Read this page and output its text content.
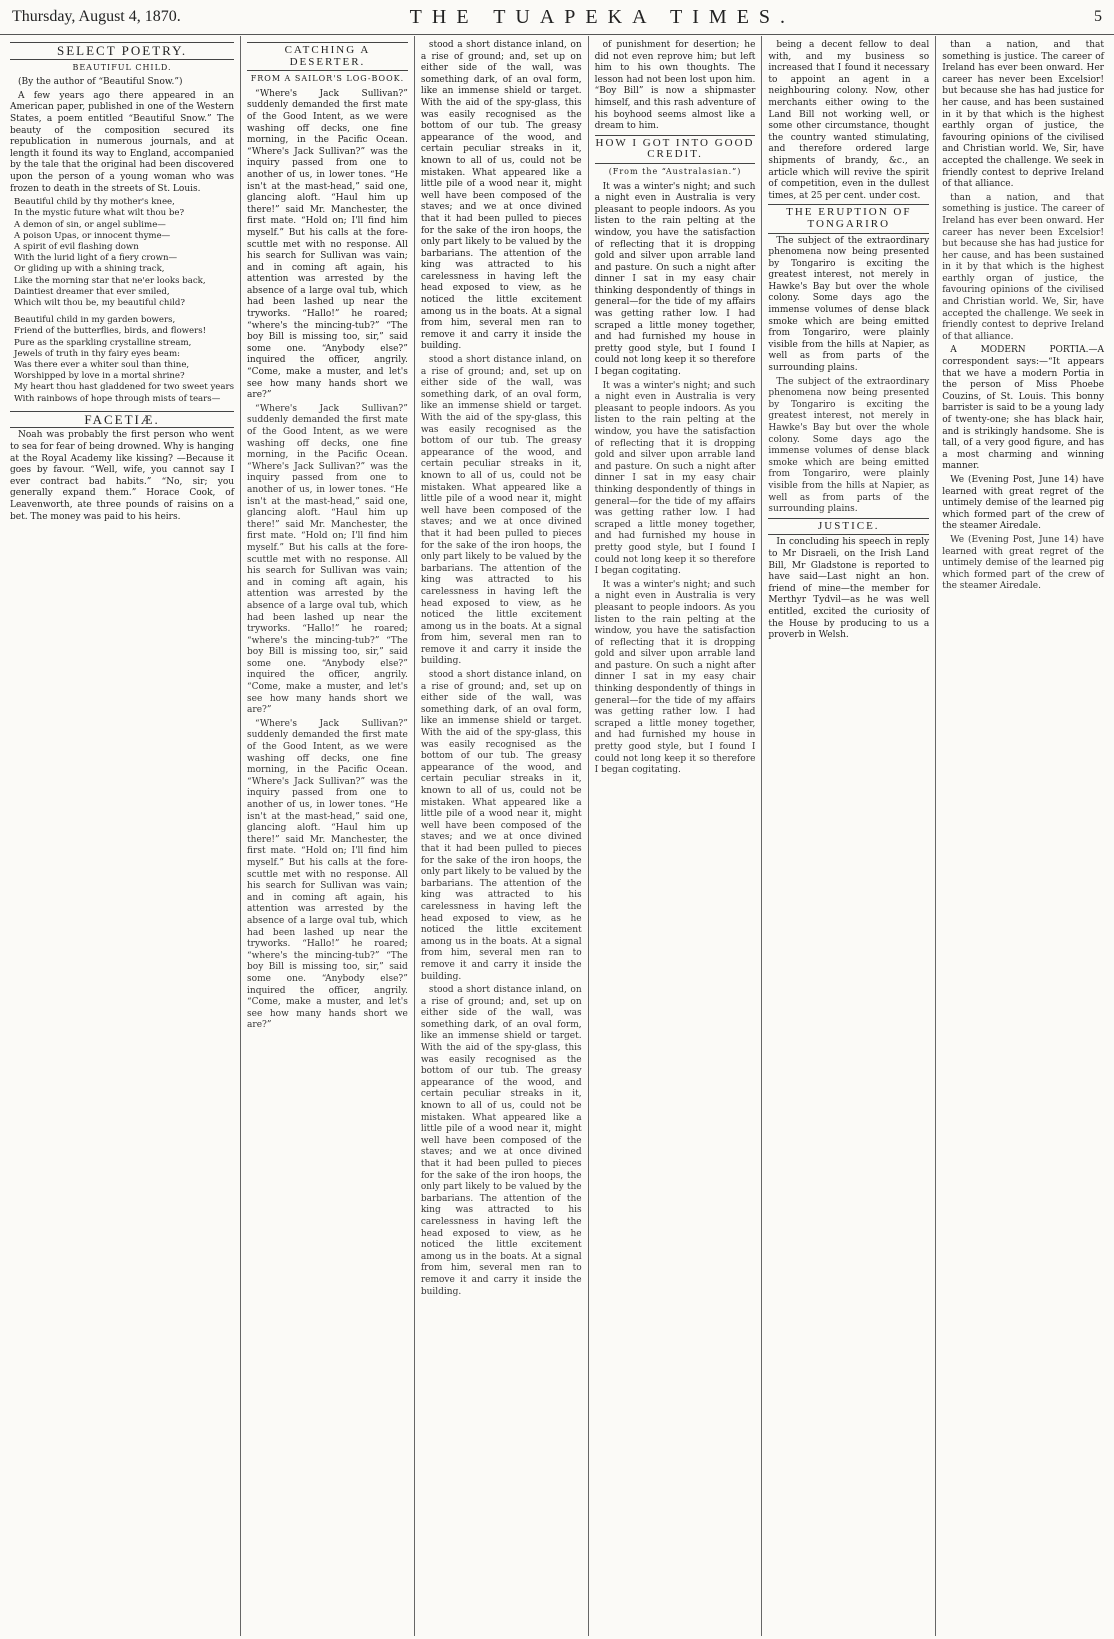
Thursday, August 4, 1870.	THE TUAPEKA TIMES.	5
SELECT POETRY.
BEAUTIFUL CHILD.

(By the author of “Beautiful Snow.”)

A few years ago there appeared in an American paper, published in one of the Western States, a poem entitled “Beautiful Snow.” The beauty of the composition secured its republication in numerous journals, and at length it found its way to England, accompanied by the tale that the original had been discovered upon the person of a young woman who was frozen to death in the streets of St. Louis.

Beautiful child by thy mother's knee,
In the mystic future what wilt thou be?
A demon of sin, or angel sublime—
A poison Upas, or innocent thyme—
A spirit of evil flashing down
With the lurid light of a fiery crown—
Or gliding up with a shining track,
Like the morning star that ne'er looks back,
Daintiest dreamer that ever smiled,
Which wilt thou be, my beautiful child?
Beautiful child in my garden bowers,
Friend of the butterflies, birds, and flowers!
Pure as the sparkling crystalline stream,
Jewels of truth in thy fairy eyes beam:
Was there ever a whiter soul than thine,
Worshipped by love in a mortal shrine?
My heart thou hast gladdened for two sweet years
With rainbows of hope through mists of tears—
FACETIÆ.

Noah was probably the first person who went to sea for fear of being drowned. Why is hanging at the Royal Academy like kissing? —Because it goes by favour. “Well, wife, you cannot say I ever contract bad habits.” “No, sir; you generally expand them.” Horace Cook, of Leavenworth, ate three pounds of raisins on a bet. The money was paid to his heirs.

CATCHING A DESERTER.
FROM A SAILOR'S LOG-BOOK.

“Where's Jack Sullivan?” suddenly demanded the first mate of the Good Intent, as we were washing off decks, one fine morning, in the Pacific Ocean. “Where's Jack Sullivan?” was the inquiry passed from one to another of us, in lower tones. “He isn't at the mast-head,” said one, glancing aloft. “Haul him up there!” said Mr. Manchester, the first mate. “Hold on; I'll find him myself.” But his calls at the fore-scuttle met with no response. All his search for Sullivan was vain; and in coming aft again, his attention was arrested by the absence of a large oval tub, which had been lashed up near the tryworks. “Hallo!” he roared; “where's the mincing-tub?” “The boy Bill is missing too, sir,” said some one. “Anybody else?” inquired the officer, angrily. “Come, make a muster, and let's see how many hands short we are?”

“Where's Jack Sullivan?” suddenly demanded the first mate of the Good Intent, as we were washing off decks, one fine morning, in the Pacific Ocean. “Where's Jack Sullivan?” was the inquiry passed from one to another of us, in lower tones. “He isn't at the mast-head,” said one, glancing aloft. “Haul him up there!” said Mr. Manchester, the first mate. “Hold on; I'll find him myself.” But his calls at the fore-scuttle met with no response. All his search for Sullivan was vain; and in coming aft again, his attention was arrested by the absence of a large oval tub, which had been lashed up near the tryworks. “Hallo!” he roared; “where's the mincing-tub?” “The boy Bill is missing too, sir,” said some one. “Anybody else?” inquired the officer, angrily. “Come, make a muster, and let's see how many hands short we are?”

“Where's Jack Sullivan?” suddenly demanded the first mate of the Good Intent, as we were washing off decks, one fine morning, in the Pacific Ocean. “Where's Jack Sullivan?” was the inquiry passed from one to another of us, in lower tones. “He isn't at the mast-head,” said one, glancing aloft. “Haul him up there!” said Mr. Manchester, the first mate. “Hold on; I'll find him myself.” But his calls at the fore-scuttle met with no response. All his search for Sullivan was vain; and in coming aft again, his attention was arrested by the absence of a large oval tub, which had been lashed up near the tryworks. “Hallo!” he roared; “where's the mincing-tub?” “The boy Bill is missing too, sir,” said some one. “Anybody else?” inquired the officer, angrily. “Come, make a muster, and let's see how many hands short we are?”

stood a short distance inland, on a rise of ground; and, set up on either side of the wall, was something dark, of an oval form, like an immense shield or target. With the aid of the spy-glass, this was easily recognised as the bottom of our tub. The greasy appearance of the wood, and certain peculiar streaks in it, known to all of us, could not be mistaken. What appeared like a little pile of a wood near it, might well have been composed of the staves; and we at once divined that it had been pulled to pieces for the sake of the iron hoops, the only part likely to be valued by the barbarians. The attention of the king was attracted to his carelessness in having left the head exposed to view, as he noticed the little excitement among us in the boats. At a signal from him, several men ran to remove it and carry it inside the building.

stood a short distance inland, on a rise of ground; and, set up on either side of the wall, was something dark, of an oval form, like an immense shield or target. With the aid of the spy-glass, this was easily recognised as the bottom of our tub. The greasy appearance of the wood, and certain peculiar streaks in it, known to all of us, could not be mistaken. What appeared like a little pile of a wood near it, might well have been composed of the staves; and we at once divined that it had been pulled to pieces for the sake of the iron hoops, the only part likely to be valued by the barbarians. The attention of the king was attracted to his carelessness in having left the head exposed to view, as he noticed the little excitement among us in the boats. At a signal from him, several men ran to remove it and carry it inside the building.

stood a short distance inland, on a rise of ground; and, set up on either side of the wall, was something dark, of an oval form, like an immense shield or target. With the aid of the spy-glass, this was easily recognised as the bottom of our tub. The greasy appearance of the wood, and certain peculiar streaks in it, known to all of us, could not be mistaken. What appeared like a little pile of a wood near it, might well have been composed of the staves; and we at once divined that it had been pulled to pieces for the sake of the iron hoops, the only part likely to be valued by the barbarians. The attention of the king was attracted to his carelessness in having left the head exposed to view, as he noticed the little excitement among us in the boats. At a signal from him, several men ran to remove it and carry it inside the building.

stood a short distance inland, on a rise of ground; and, set up on either side of the wall, was something dark, of an oval form, like an immense shield or target. With the aid of the spy-glass, this was easily recognised as the bottom of our tub. The greasy appearance of the wood, and certain peculiar streaks in it, known to all of us, could not be mistaken. What appeared like a little pile of a wood near it, might well have been composed of the staves; and we at once divined that it had been pulled to pieces for the sake of the iron hoops, the only part likely to be valued by the barbarians. The attention of the king was attracted to his carelessness in having left the head exposed to view, as he noticed the little excitement among us in the boats. At a signal from him, several men ran to remove it and carry it inside the building.

of punishment for desertion; he did not even reprove him; but left him to his own thoughts. The lesson had not been lost upon him. “Boy Bill” is now a shipmaster himself, and this rash adventure of his boyhood seems almost like a dream to him.

HOW I GOT INTO GOOD CREDIT.
(From the “Australasian.”)

It was a winter's night; and such a night even in Australia is very pleasant to people indoors. As you listen to the rain pelting at the window, you have the satisfaction of reflecting that it is dropping gold and silver upon arrable land and pasture. On such a night after dinner I sat in my easy chair thinking despondently of things in general—for the tide of my affairs was getting rather low. I had scraped a little money together, and had furnished my house in pretty good style, but I found I could not long keep it so therefore I began cogitating.

It was a winter's night; and such a night even in Australia is very pleasant to people indoors. As you listen to the rain pelting at the window, you have the satisfaction of reflecting that it is dropping gold and silver upon arrable land and pasture. On such a night after dinner I sat in my easy chair thinking despondently of things in general—for the tide of my affairs was getting rather low. I had scraped a little money together, and had furnished my house in pretty good style, but I found I could not long keep it so therefore I began cogitating.

It was a winter's night; and such a night even in Australia is very pleasant to people indoors. As you listen to the rain pelting at the window, you have the satisfaction of reflecting that it is dropping gold and silver upon arrable land and pasture. On such a night after dinner I sat in my easy chair thinking despondently of things in general—for the tide of my affairs was getting rather low. I had scraped a little money together, and had furnished my house in pretty good style, but I found I could not long keep it so therefore I began cogitating.

being a decent fellow to deal with, and my business so increased that I found it necessary to appoint an agent in a neighbouring colony. Now, other merchants either owing to the Land Bill not working well, or some other circumstance, thought the country wanted stimulating, and therefore ordered large shipments of brandy, &c., an article which will revive the spirit of competition, even in the dullest times, at 25 per cent. under cost.

THE ERUPTION OF TONGARIRO

The subject of the extraordinary phenomena now being presented by Tongariro is exciting the greatest interest, not merely in Hawke's Bay but over the whole colony. Some days ago the immense volumes of dense black smoke which are being emitted from Tongariro, were plainly visible from the hills at Napier, as well as from parts of the surrounding plains.

The subject of the extraordinary phenomena now being presented by Tongariro is exciting the greatest interest, not merely in Hawke's Bay but over the whole colony. Some days ago the immense volumes of dense black smoke which are being emitted from Tongariro, were plainly visible from the hills at Napier, as well as from parts of the surrounding plains.

JUSTICE.

In concluding his speech in reply to Mr Disraeli, on the Irish Land Bill, Mr Gladstone is reported to have said—Last night an hon. friend of mine—the member for Merthyr Tydvil—as he was well entitled, excited the curiosity of the House by producing to us a proverb in Welsh.

than a nation, and that something is justice. The career of Ireland has ever been onward. Her career has never been Excelsior! but because she has had justice for her cause, and has been sustained in it by that which is the highest earthly organ of justice, the favouring opinions of the civilised and Christian world. We, Sir, have accepted the challenge. We seek in friendly contest to deprive Ireland of that alliance.

than a nation, and that something is justice. The career of Ireland has ever been onward. Her career has never been Excelsior! but because she has had justice for her cause, and has been sustained in it by that which is the highest earthly organ of justice, the favouring opinions of the civilised and Christian world. We, Sir, have accepted the challenge. We seek in friendly contest to deprive Ireland of that alliance.

A MODERN PORTIA.—A correspondent says:—“It appears that we have a modern Portia in the person of Miss Phoebe Couzins, of St. Louis. This bonny barrister is said to be a young lady of twenty-one; she has black hair, and is strikingly handsome. She is tall, of a very good figure, and has a most charming and winning manner.

We (Evening Post, June 14) have learned with great regret of the untimely demise of the learned pig which formed part of the crew of the steamer Airedale.

We (Evening Post, June 14) have learned with great regret of the untimely demise of the learned pig which formed part of the crew of the steamer Airedale.
